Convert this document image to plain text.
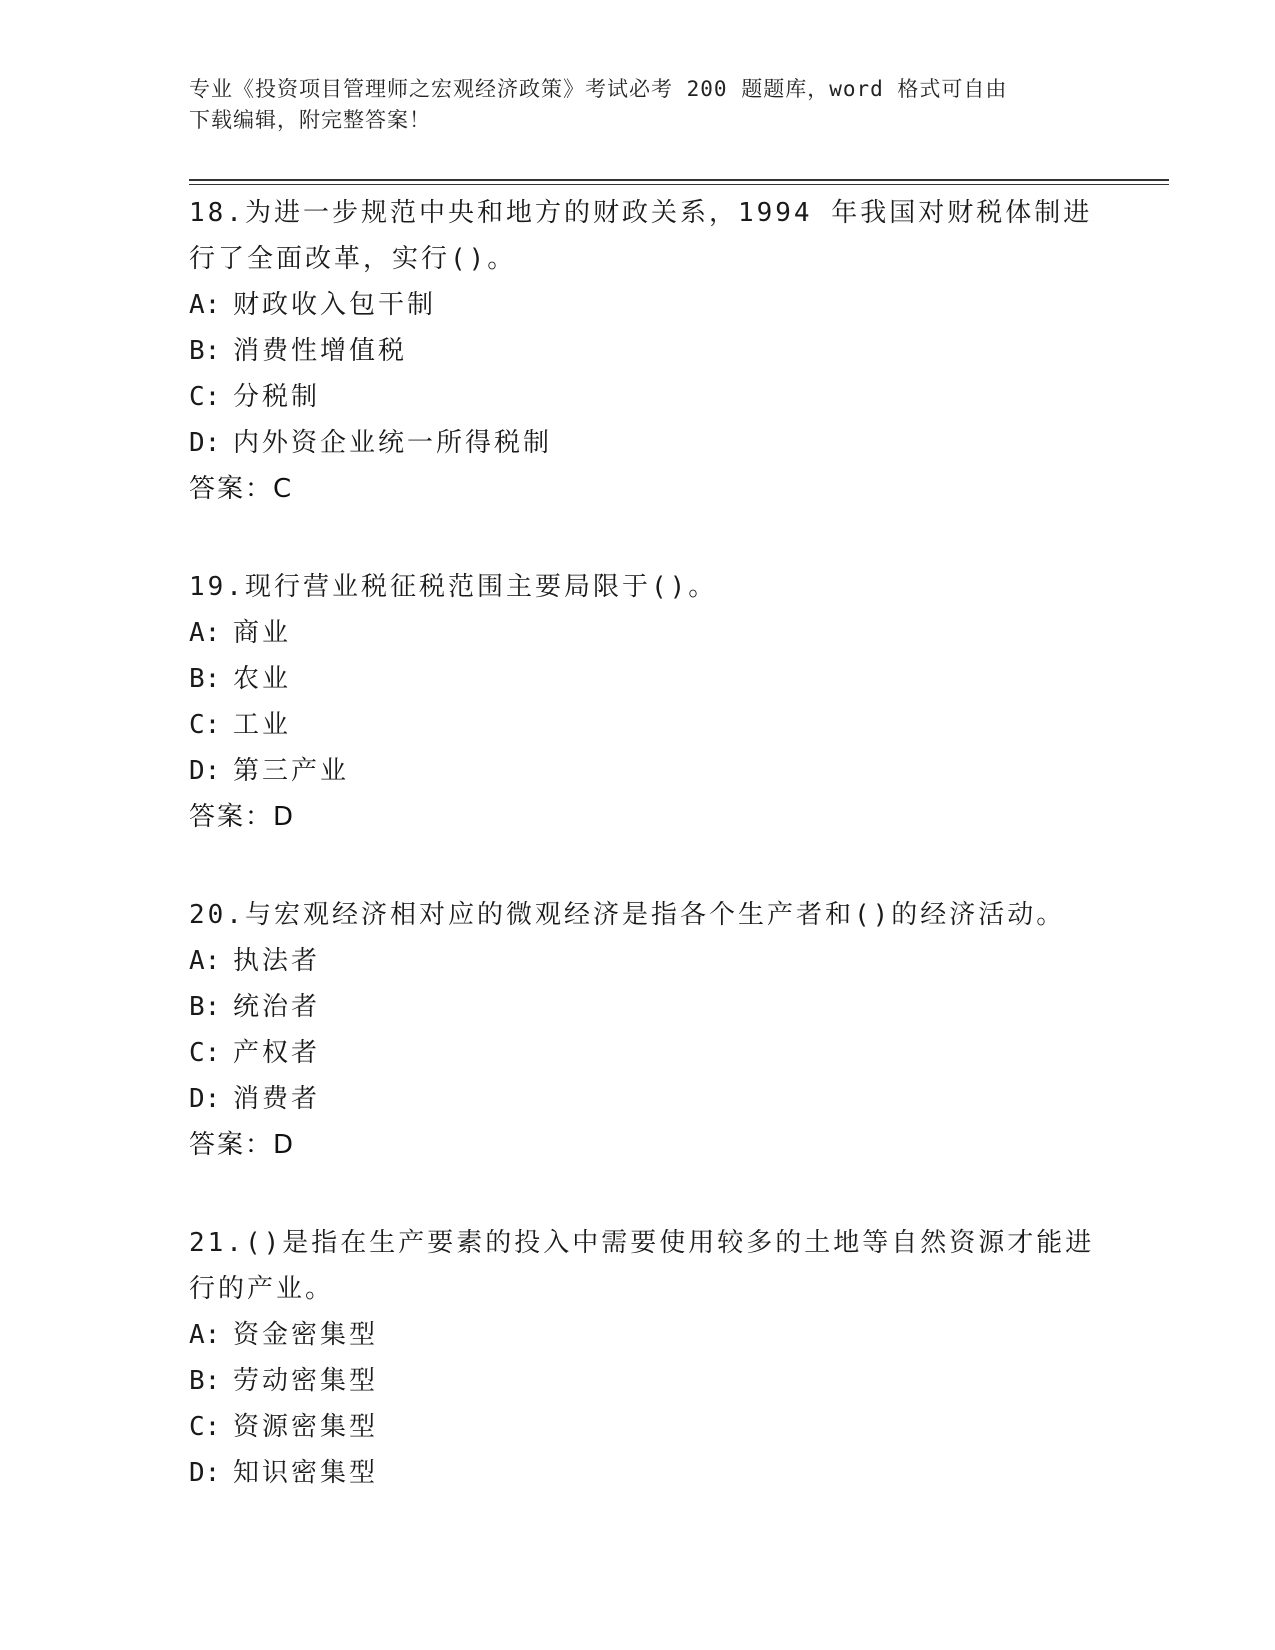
专业《投资项目管理师之宏观经济政策》考试必考 200 题题库，word 格式可自由
下载编辑，附完整答案！
18.为进一步规范中央和地方的财政关系，1994 年我国对财税体制进行了全面改革，实行()。
A: 财政收入包干制
B: 消费性增值税
C: 分税制
D: 内外资企业统一所得税制
答案：C
19.现行营业税征税范围主要局限于()。
A: 商业
B: 农业
C: 工业
D: 第三产业
答案：D
20.与宏观经济相对应的微观经济是指各个生产者和()的经济活动。
A: 执法者
B: 统治者
C: 产权者
D: 消费者
答案：D
21.()是指在生产要素的投入中需要使用较多的土地等自然资源才能进行的产业。
A: 资金密集型
B: 劳动密集型
C: 资源密集型
D: 知识密集型
